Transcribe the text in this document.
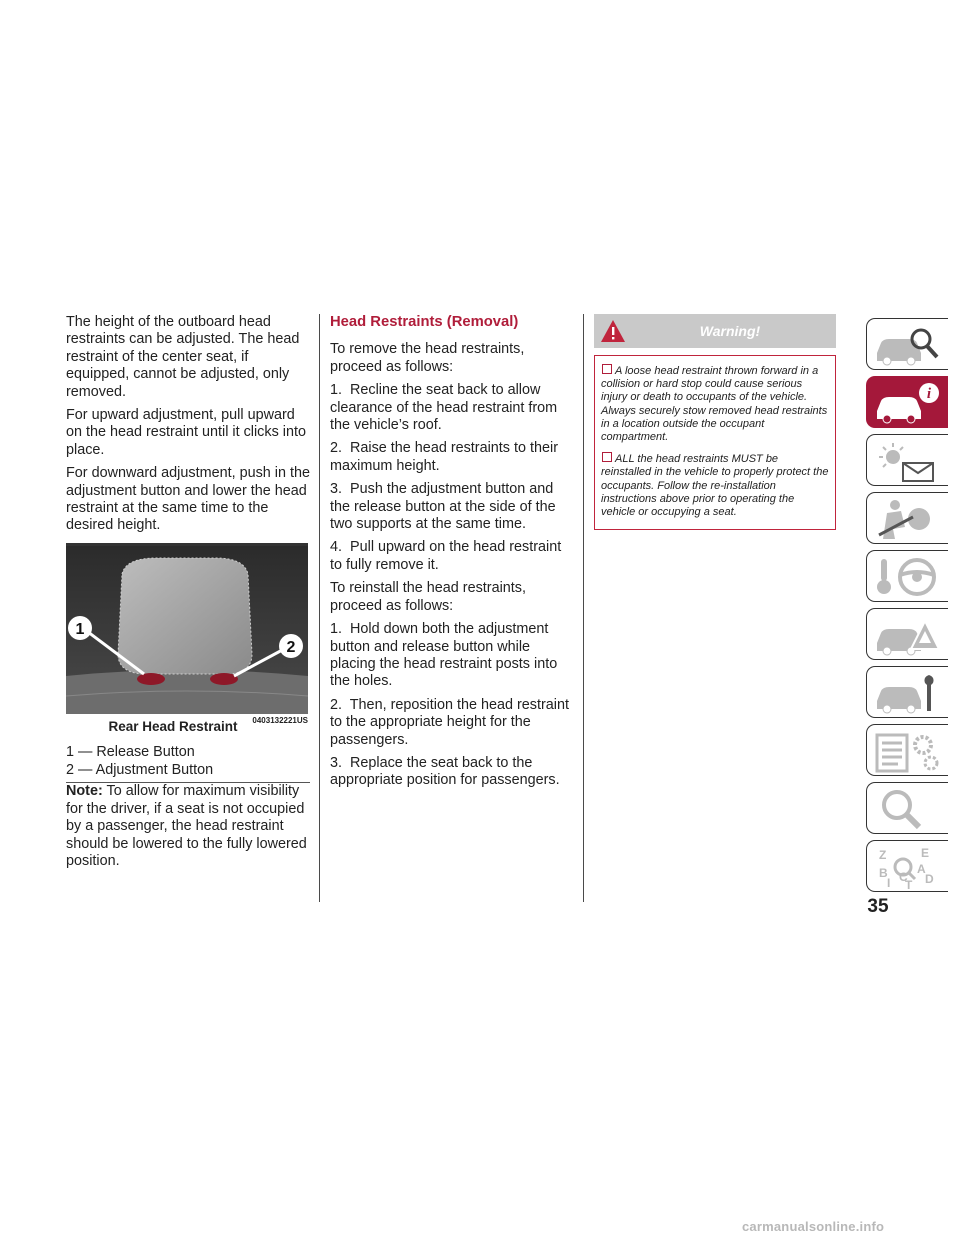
The height of the outboard head restraints can be adjusted. The head restraint of the center seat, if equipped, cannot be adjusted, only removed.

For upward adjustment, pull upward on the head restraint until it clicks into place.

For downward adjustment, push in the adjustment button and lower the head restraint at the same time to the desired height.

1
2
0403132221US
Rear Head Restraint
1 — Release Button
2 — Adjustment Button

Note: To allow for maximum visibility for the driver, if a seat is not occupied by a passenger, the head restraint should be lowered to the fully lowered position.

Head Restraints (Removal)

To remove the head restraints, proceed as follows:

1. Recline the seat back to allow clearance of the head restraint from the vehicle’s roof.

2. Raise the head restraints to their maximum height.

3. Push the adjustment button and the release button at the side of the two supports at the same time.

4. Pull upward on the head restraint to fully remove it.

To reinstall the head restraints, proceed as follows:

1. Hold down both the adjustment button and release button while placing the head restraint posts into the holes.

2. Then, reposition the head restraint to the appropriate height for the passengers.

3. Replace the seat back to the appropriate position for passengers.

Warning!

A loose head restraint thrown forward in a collision or hard stop could cause serious injury or death to occupants of the vehicle. Always securely stow removed head restraints in a location outside the occupant compartment.

ALL the head restraints MUST be reinstalled in the vehicle to properly protect the occupants. Follow the re-installation instructions above prior to operating the vehicle or occupying a seat.

i
Z	E
B A
C D
T
I
35
carmanualsonline.info
